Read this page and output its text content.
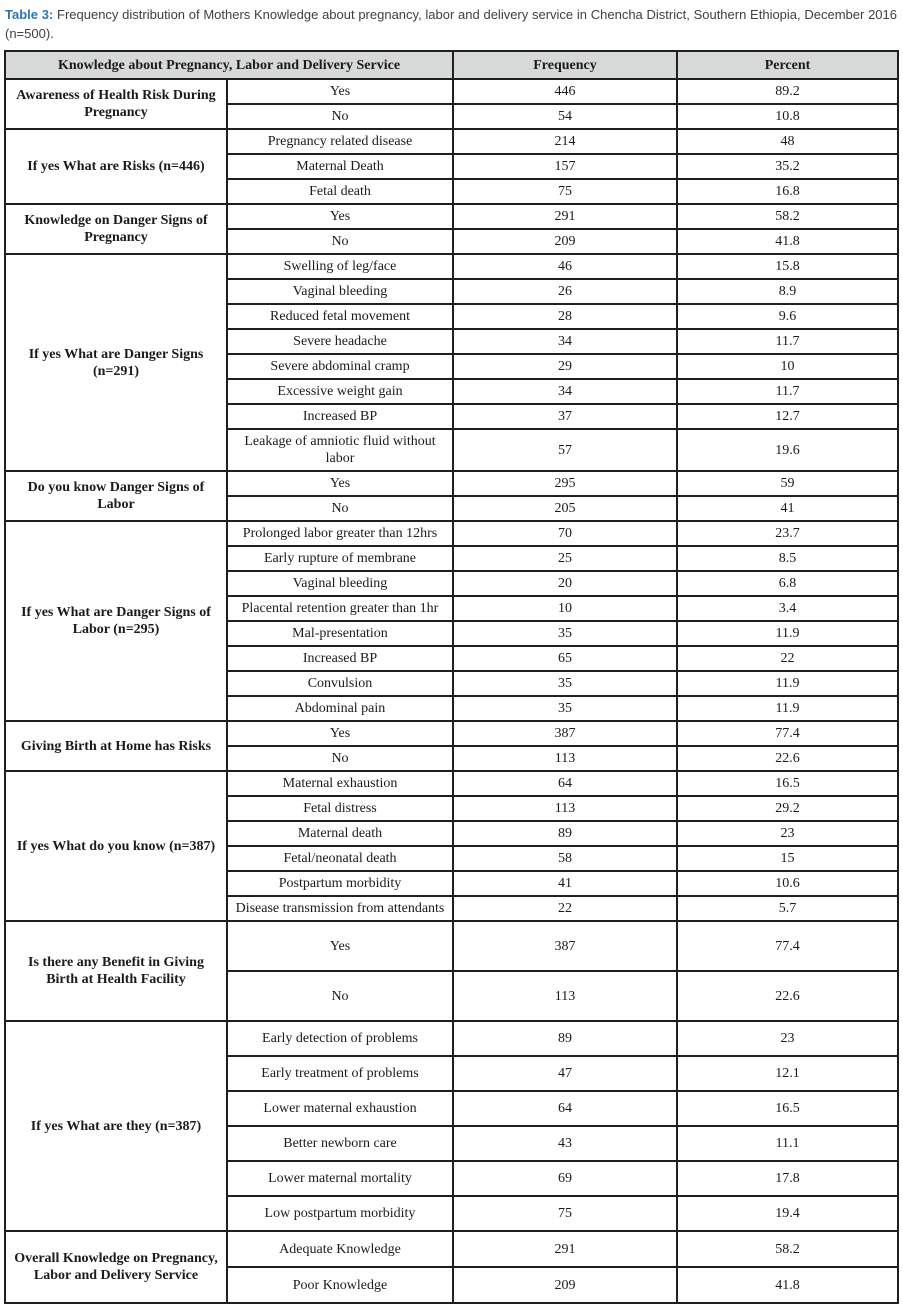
Table 3: Frequency distribution of Mothers Knowledge about pregnancy, labor and delivery service in Chencha District, Southern Ethiopia, December 2016 (n=500).

Knowledge about Pregnancy, Labor and Delivery Service		Frequency	Percent
Awareness of Health Risk During Pregnancy	Yes	446	89.2
	No	54	10.8
If yes What are Risks (n=446)	Pregnancy related disease	214	48
	Maternal Death	157	35.2
	Fetal death	75	16.8
Knowledge on Danger Signs of Pregnancy	Yes	291	58.2
	No	209	41.8
If yes What are Danger Signs (n=291)	Swelling of leg/face	46	15.8
	Vaginal bleeding	26	8.9
	Reduced fetal movement	28	9.6
	Severe headache	34	11.7
	Severe abdominal cramp	29	10
	Excessive weight gain	34	11.7
	Increased BP	37	12.7
	Leakage of amniotic fluid without labor	57	19.6
Do you know Danger Signs of Labor	Yes	295	59
	No	205	41
If yes What are Danger Signs of Labor (n=295)	Prolonged labor greater than 12hrs	70	23.7
	Early rupture of membrane	25	8.5
	Vaginal bleeding	20	6.8
	Placental retention greater than 1hr	10	3.4
	Mal-presentation	35	11.9
	Increased BP	65	22
	Convulsion	35	11.9
	Abdominal pain	35	11.9
Giving Birth at Home has Risks	Yes	387	77.4
	No	113	22.6
If yes What do you know (n=387)	Maternal exhaustion	64	16.5
	Fetal distress	113	29.2
	Maternal death	89	23
	Fetal/neonatal death	58	15
	Postpartum morbidity	41	10.6
	Disease transmission from attendants	22	5.7
Is there any Benefit in Giving Birth at Health Facility	Yes	387	77.4
	No	113	22.6
If yes What are they (n=387)	Early detection of problems	89	23
	Early treatment of problems	47	12.1
	Lower maternal exhaustion	64	16.5
	Better newborn care	43	11.1
	Lower maternal mortality	69	17.8
	Low postpartum morbidity	75	19.4
Overall Knowledge on Pregnancy, Labor and Delivery Service	Adequate Knowledge	291	58.2
	Poor Knowledge	209	41.8
